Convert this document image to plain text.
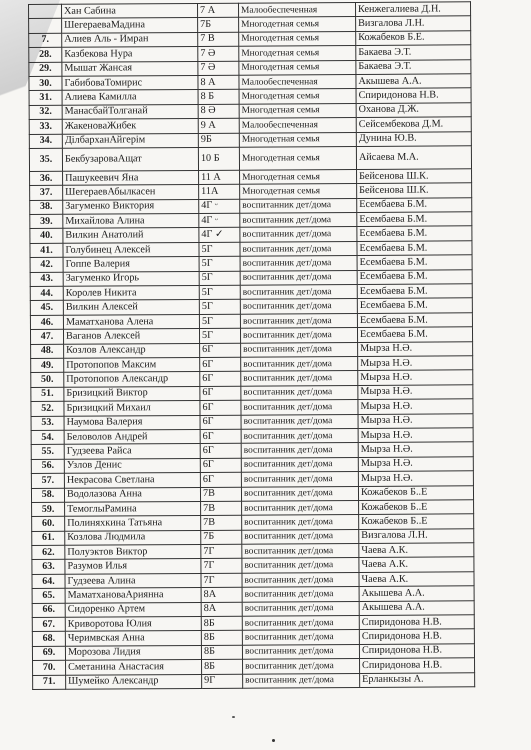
	Хан Сабина	7 А	Малообеспеченная	Кенжегалиева Д.Н.
	ШегераеваМадина	7Б	Многодетная семья	Визгалова Л.Н.
7.	Алиев Аль - Имран	7 В	Многодетная семья	Кожабеков Б.Е.
28.	Казбекова Нура	7 Ә	Многодетная семья	Бакаева Э.Т.
29.	Мышат Жансая	7 Ә	Многодетная семья	Бакаева Э.Т.
30.	ГабибоваТомирис	8 А	Малообеспеченная	Акышева А.А.
31.	Алиева Камилла	8 Б	Многодетная семья	Спиридонова Н.В.
32.	МанасбайТолганай	8 Ә	Многодетная семья	Оханова Д.Ж.
33.	ЖакеноваЖибек	9 А	Малообеспеченная	Сейсембекова Д.М.
34.	ДілбарханАйгерім	9Б	Многодетная семья	Дунина Ю.В.
35.	БекбузароваАщат	10 Б	Многодетная семья	Айсаева М.А.
36.	Пашукеевич Яна	11 А	Многодетная семья	Бейсенова Ш.К.
37.	ШегераевАбылкасен	11А	Многодетная семья	Бейсенова Ш.К.
38.	Загуменко Виктория	4Г ᵕ	воспитанник дет/дома	Есембаева Б.М.
39.	Михайлова Алина	4Г ᵕ	воспитанник дет/дома	Есембаева Б.М.
40.	Вилкин Анатолий	4Г ✓	воспитанник дет/дома	Есембаева Б.М.
41.	Голубинец Алексей	5Г	воспитанник дет/дома	Есембаева Б.М.
42.	Гоппе Валерия	5Г	воспитанник дет/дома	Есембаева Б.М.
43.	Загуменко Игорь	5Г	воспитанник дет/дома	Есембаева Б.М.
44.	Королев Никита	5Г	воспитанник дет/дома	Есембаева Б.М.
45.	Вилкин Алексей	5Г	воспитанник дет/дома	Есембаева Б.М.
46.	Маматханова Алена	5Г	воспитанник дет/дома	Есембаева Б.М.
47.	Ваганов Алексей	5Г	воспитанник дет/дома	Есембаева Б.М.
48.	Козлов Александр	6Г	воспитанник дет/дома	Мырза Н.Ә.
49.	Протопопов Максим	6Г	воспитанник дет/дома	Мырза Н.Ә.
50.	Протопопов Александр	6Г	воспитанник дет/дома	Мырза Н.Ә.
51.	Бризицкий Виктор	6Г	воспитанник дет/дома	Мырза Н.Ә.
52.	Бризицкий Михаил	6Г	воспитанник дет/дома	Мырза Н.Ә.
53.	Наумова Валерия	6Г	воспитанник дет/дома	Мырза Н.Ә.
54.	Беловолов Андрей	6Г	воспитанник дет/дома	Мырза Н.Ә.
55.	Гудзеева Райса	6Г	воспитанник дет/дома	Мырза Н.Ә.
56.	Узлов Денис	6Г	воспитанник дет/дома	Мырза Н.Ә.
57.	Некрасова Светлана	6Г	воспитанник дет/дома	Мырза Н.Ә.
58.	Водолазова Анна	7В	воспитанник дет/дома	Кожабеков Б..Е
59.	ТемоглыРамина	7В	воспитанник дет/дома	Кожабеков Б..Е
60.	Полиняхкина Татьяна	7В	воспитанник дет/дома	Кожабеков Б..Е
61.	Козлова Людмила	7Б	воспитанник дет/дома	Визгалова Л.Н.
62.	Полуэктов Виктор	7Г	воспитанник дет/дома	Чаева А.К.
63.	Разумов Илья	7Г	воспитанник дет/дома	Чаева А.К.
64.	Гудзеева Алина	7Г	воспитанник дет/дома	Чаева А.К.
65.	МаматхановаАриянна	8А	воспитанник дет/дома	Акышева А.А.
66.	Сидоренко Артем	8А	воспитанник дет/дома	Акышева А.А.
67.	Криворотова Юлия	8Б	воспитанник дет/дома	Спиридонова Н.В.
68.	Черимвская Анна	8Б	воспитанник дет/дома	Спиридонова Н.В.
69.	Морозова Лидия	8Б	воспитанник дет/дома	Спиридонова Н.В.
70.	Сметанина Анастасия	8Б	воспитанник дет/дома	Спиридонова Н.В.
71.	Шумейко Александр	9Г	воспитанник дет/дома	Ерланкызы А.
